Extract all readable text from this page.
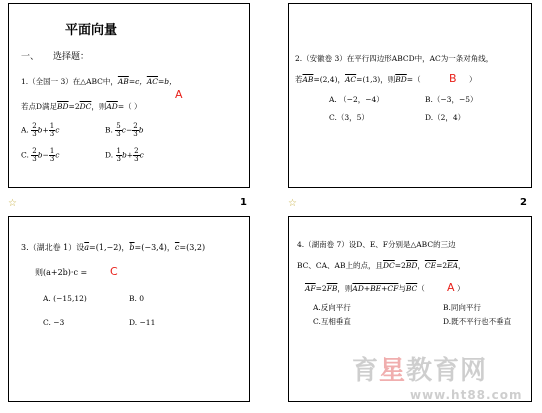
平面向量
一、 选择题：
1.（全国一 3）在△ABC中，$\overline{AB}=c$，$\overline{AC}=b$，
A
若点D满足$\overline{BD}=2\overline{DC}$，则$\overline{AD}=$（ ）
A. $\frac{2}{3} b+ \frac{1}{3}$ c	B. $\frac{5}{3} c- \frac{2}{3}$ b
C. $\frac{2}{3} b- \frac{1}{3}$ c	D. $\frac{1}{3} b+ \frac{2}{3}$ c
☆	1
2.（安徽卷 3）在平行四边形ABCD中，AC为一条对角线，
若$\overline{AB}=(2,4)$，$\overline{AC}=(1,3)$，则$\overline{BD}=$（	B ）
A. （−2，−4）	B.（−3，−5）
C.（3，5）	D.（2，4）
☆	2
3.（湖北卷 1）设$\overline{a}=(1,-2)$，$\overline{b}=(-3,4)$，$\overline{c}=(3,2)$
则(a+2b)·c = C
A. (−15,12)	B. 0
C. −3	D. −11
4.（湖南卷 7）设D、E、F分别是△ABC的三边
BC、CA、AB上的点，且$\overline{DC}=2\overline{BD}$，$\overline{CE}=2\overline{EA}$，
$\overline{AF}=2\overline{FB}$，则AD+BE+CF与$\overline{BC}$（ A ）
A.反向平行	B.同向平行
C.互相垂直	D.既不平行也不垂直
育星教育网
www.ht88.com
